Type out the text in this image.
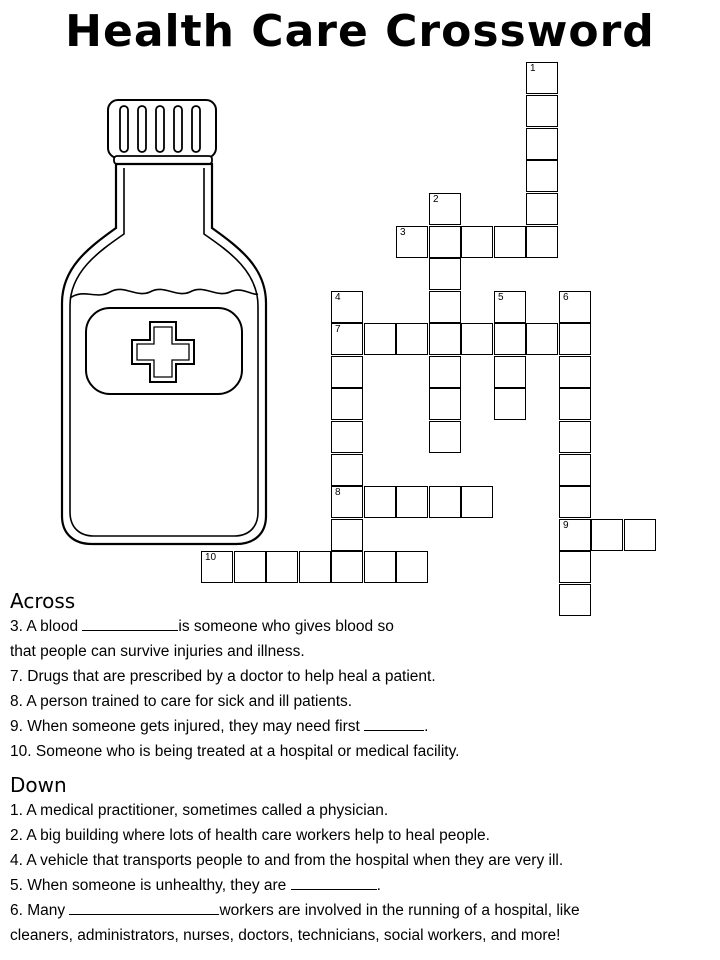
Health Care Crossword
1
3
2
4	5	6
7
8
9
10
Across
3. A blood	is someone who gives blood so
that people can survive injuries and illness.
7. Drugs that are prescribed by a doctor to help heal a patient.
8. A person trained to care for sick and ill patients.
9. When someone gets injured, they may need first	.
10. Someone who is being treated at a hospital or medical facility.
Down
1. A medical practitioner, sometimes called a physician.
2. A big building where lots of health care workers help to heal people.
4. A vehicle that transports people to and from the hospital when they are very ill.
5. When someone is unhealthy, they are	.
6. Many	workers are involved in the running of a hospital, like
cleaners, administrators, nurses, doctors, technicians, social workers, and more!
